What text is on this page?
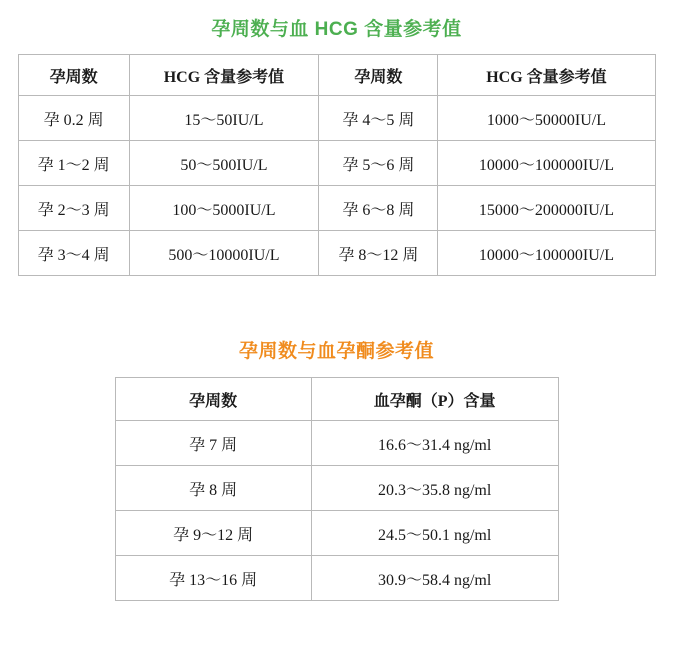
孕周数与血 HCG 含量参考值
孕周数	HCG 含量参考值	孕周数	HCG 含量参考值
孕 0.2 周	15～50IU/L	孕 4～5 周	1000～50000IU/L
孕 1～2 周	50～500IU/L	孕 5～6 周	10000～100000IU/L
孕 2～3 周	100～5000IU/L	孕 6～8 周	15000～200000IU/L
孕 3～4 周	500～10000IU/L	孕 8～12 周	10000～100000IU/L
孕周数与血孕酮参考值
孕周数	血孕酮（P）含量
孕 7 周	16.6～31.4 ng/ml
孕 8 周	20.3～35.8 ng/ml
孕 9～12 周	24.5～50.1 ng/ml
孕 13～16 周	30.9～58.4 ng/ml
